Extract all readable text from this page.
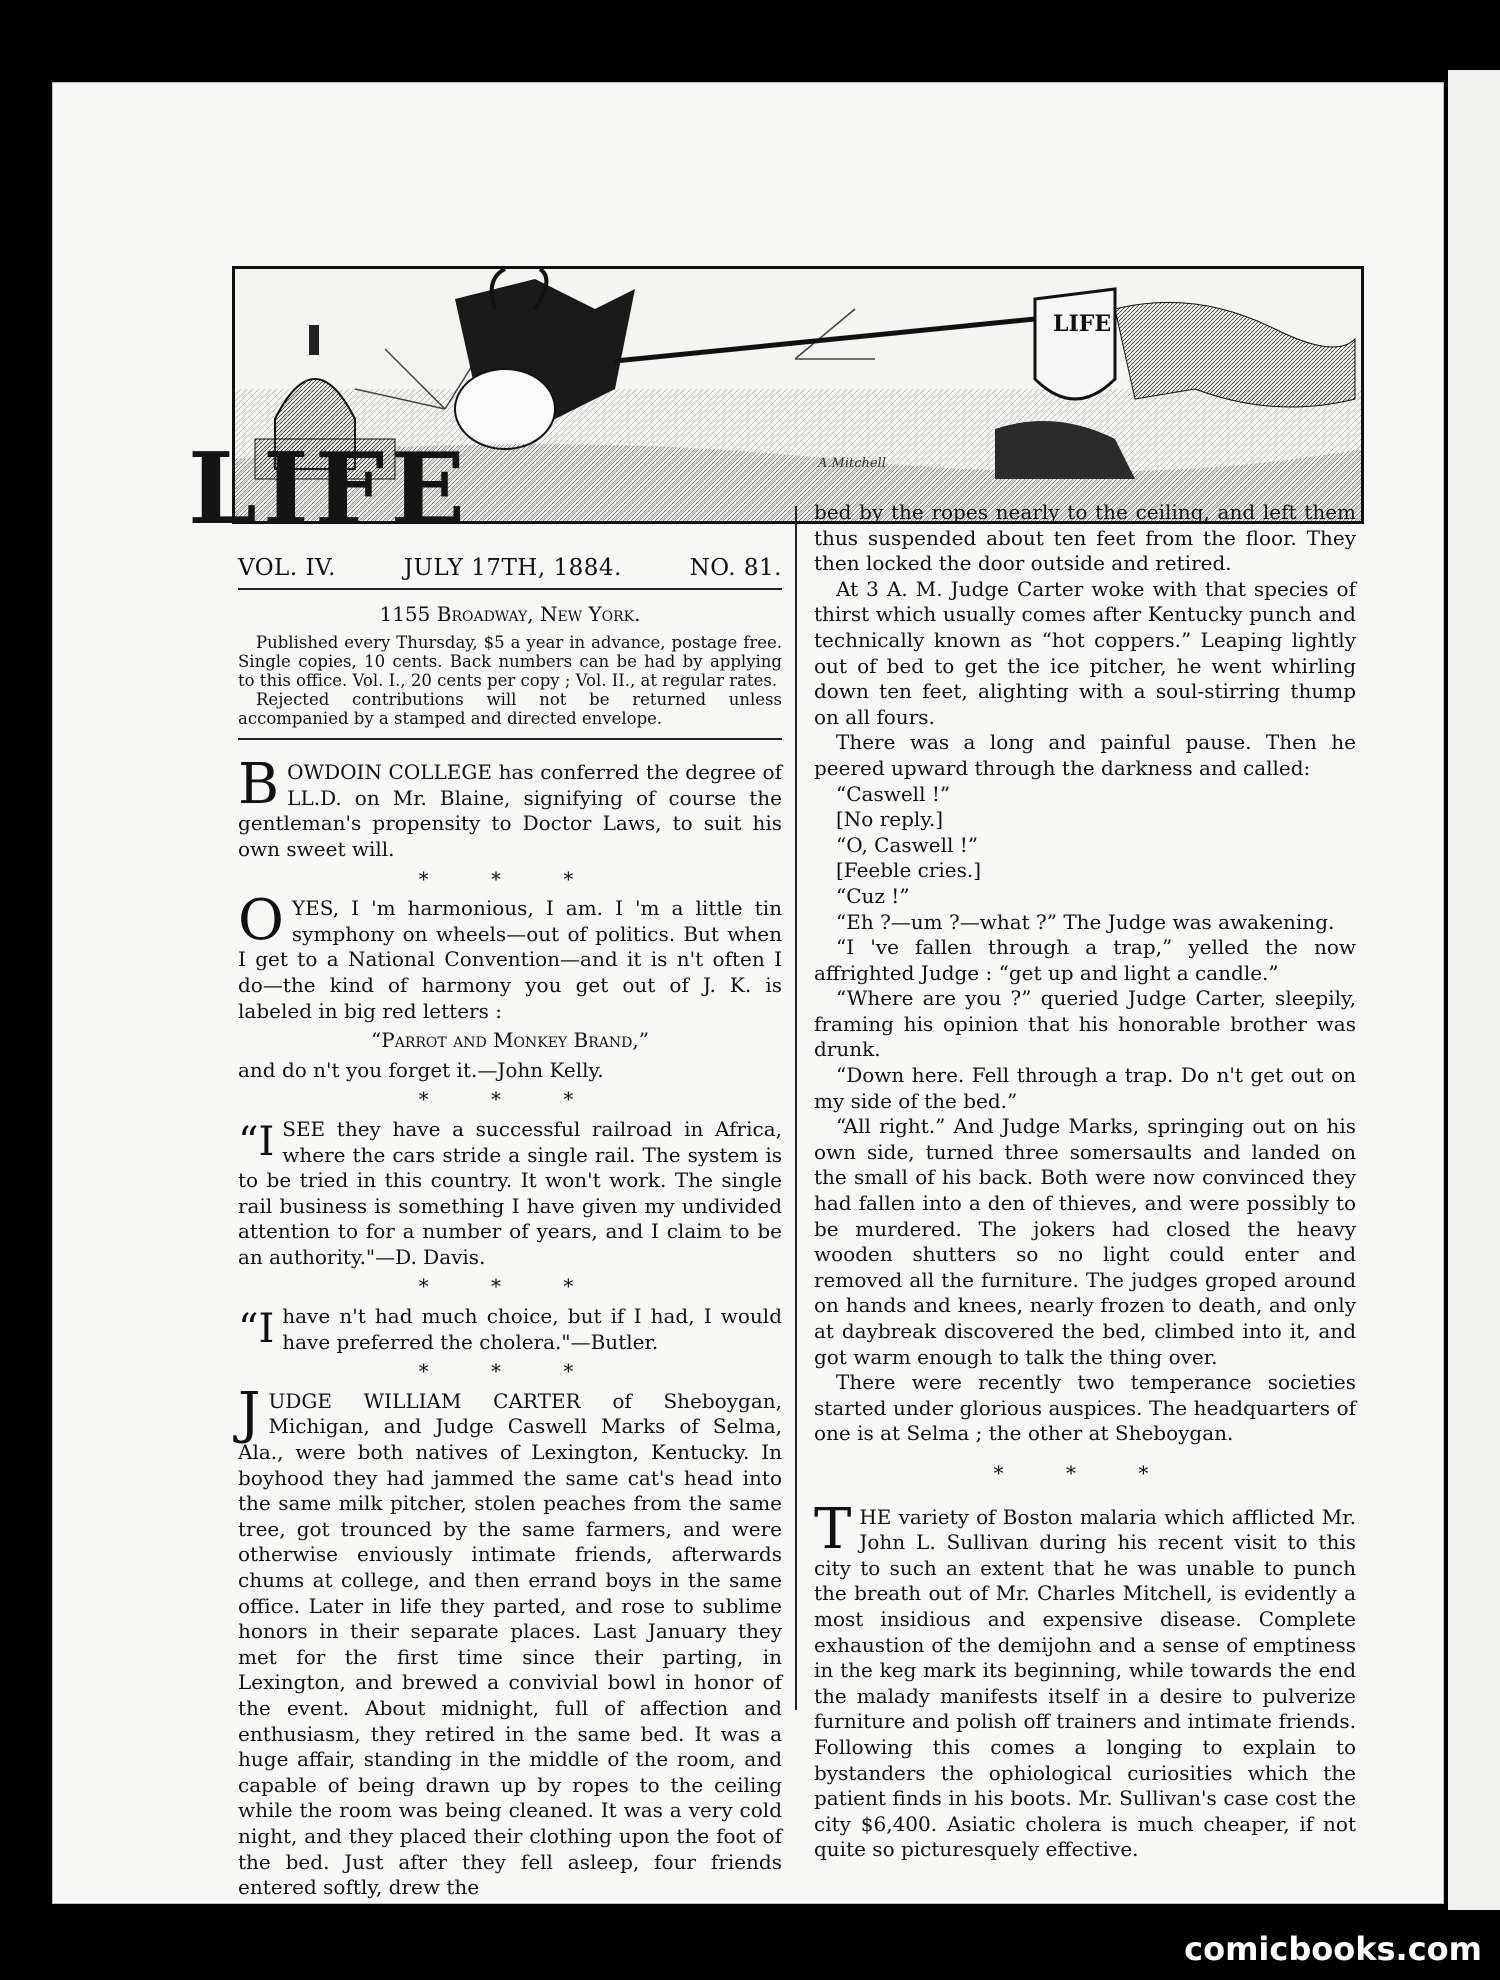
LIFE
LIFE	A.Mitchell
VOL. IV.	JULY 17TH, 1884.	NO. 81.
1155 Broadway, New York.

Published every Thursday, $5 a year in advance, postage free. Single copies, 10 cents. Back numbers can be had by applying to this office. Vol. I., 20 cents per copy ; Vol. II., at regular rates.

Rejected contributions will not be returned unless accompanied by a stamped and directed envelope.

BOWDOIN COLLEGE has conferred the degree of LL.D. on Mr. Blaine, signifying of course the gentleman's propensity to Doctor Laws, to suit his own sweet will.

* * *

OYES, I 'm harmonious, I am. I 'm a little tin symphony on wheels—out of politics. But when I get to a National Convention—and it is n't often I do—the kind of harmony you get out of J. K. is labeled in big red letters :

“Parrot and Monkey Brand,”

and do n't you forget it.—John Kelly.

* * *

“ISEE they have a successful railroad in Africa, where the cars stride a single rail. The system is to be tried in this country. It won't work. The single rail business is something I have given my undivided attention to for a number of years, and I claim to be an authority."—D. Davis.

* * *

“Ihave n't had much choice, but if I had, I would have preferred the cholera."—Butler.

* * *

JUDGE WILLIAM CARTER of Sheboygan, Michigan, and Judge Caswell Marks of Selma, Ala., were both natives of Lexington, Kentucky. In boyhood they had jammed the same cat's head into the same milk pitcher, stolen peaches from the same tree, got trounced by the same farmers, and were otherwise enviously intimate friends, afterwards chums at college, and then errand boys in the same office. Later in life they parted, and rose to sublime honors in their separate places. Last January they met for the first time since their parting, in Lexington, and brewed a convivial bowl in honor of the event. About midnight, full of affection and enthusiasm, they retired in the same bed. It was a huge affair, standing in the middle of the room, and capable of being drawn up by ropes to the ceiling while the room was being cleaned. It was a very cold night, and they placed their clothing upon the foot of the bed. Just after they fell asleep, four friends entered softly, drew the

bed by the ropes nearly to the ceiling, and left them thus suspended about ten feet from the floor. They then locked the door outside and retired.

At 3 A. M. Judge Carter woke with that species of thirst which usually comes after Kentucky punch and technically known as “hot coppers.” Leaping lightly out of bed to get the ice pitcher, he went whirling down ten feet, alighting with a soul-stirring thump on all fours.

There was a long and painful pause. Then he peered upward through the darkness and called:

“Caswell !”

[No reply.]

“O, Caswell !”

[Feeble cries.]

“Cuz !”

“Eh ?—um ?—what ?” The Judge was awakening.

“I 've fallen through a trap,” yelled the now affrighted Judge : “get up and light a candle.”

“Where are you ?” queried Judge Carter, sleepily, framing his opinion that his honorable brother was drunk.

“Down here. Fell through a trap. Do n't get out on my side of the bed.”

“All right.” And Judge Marks, springing out on his own side, turned three somersaults and landed on the small of his back. Both were now convinced they had fallen into a den of thieves, and were possibly to be murdered. The jokers had closed the heavy wooden shutters so no light could enter and removed all the furniture. The judges groped around on hands and knees, nearly frozen to death, and only at daybreak discovered the bed, climbed into it, and got warm enough to talk the thing over.

There were recently two temperance societies started under glorious auspices. The headquarters of one is at Selma ; the other at Sheboygan.

* * *

THE variety of Boston malaria which afflicted Mr. John L. Sullivan during his recent visit to this city to such an extent that he was unable to punch the breath out of Mr. Charles Mitchell, is evidently a most insidious and expensive disease. Complete exhaustion of the demijohn and a sense of emptiness in the keg mark its beginning, while towards the end the malady manifests itself in a desire to pulverize furniture and polish off trainers and intimate friends. Following this comes a longing to explain to bystanders the ophiological curiosities which the patient finds in his boots. Mr. Sullivan's case cost the city $6,400. Asiatic cholera is much cheaper, if not quite so picturesquely effective.

comicbooks.com
